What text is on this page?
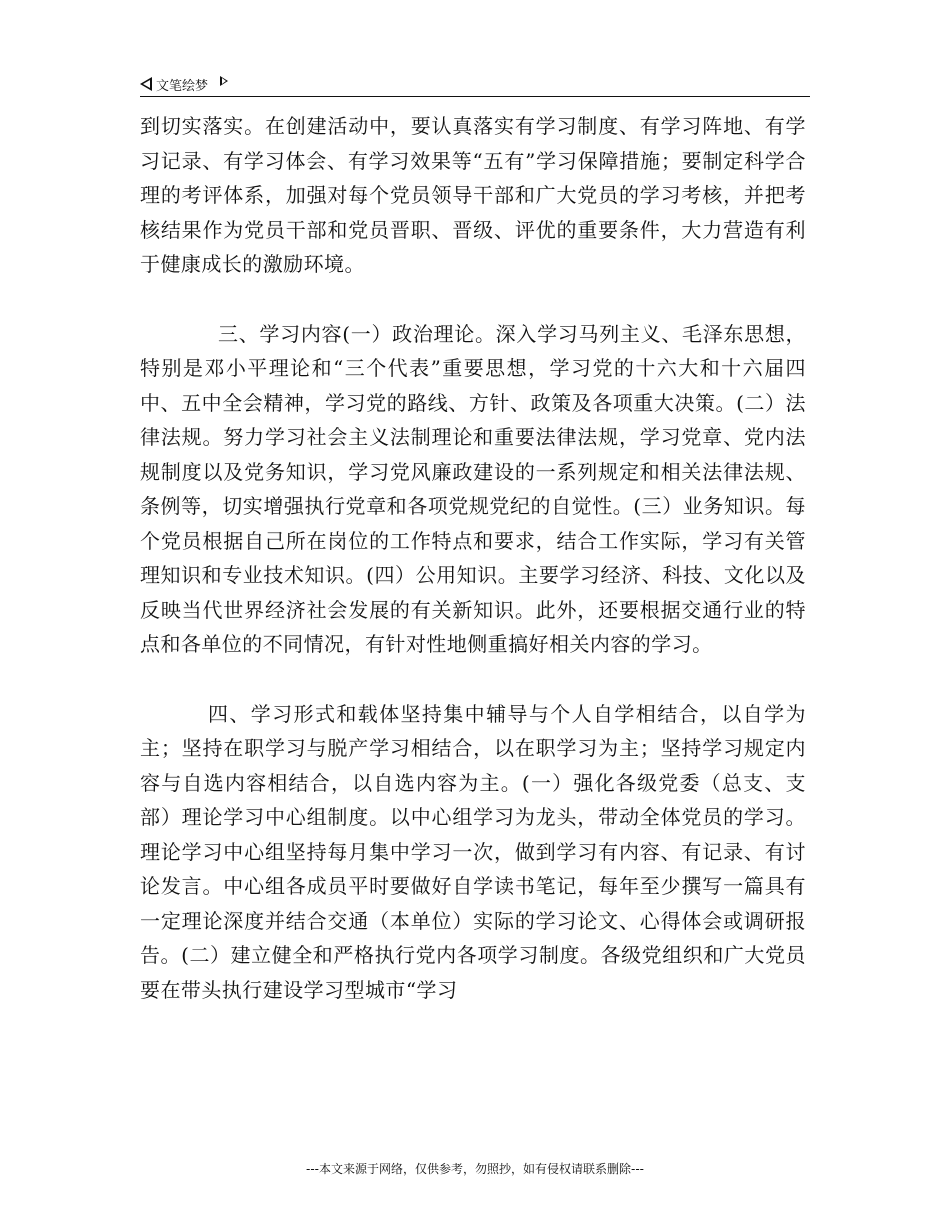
文笔绘梦

到切实落实。在创建活动中，要认真落实有学习制度、有学习阵地、有学习记录、有学习体会、有学习效果等“五有”学习保障措施；要制定科学合理的考评体系，加强对每个党员领导干部和广大党员的学习考核，并把考核结果作为党员干部和党员晋职、晋级、评优的重要条件，大力营造有利于健康成长的激励环境。

三、学习内容(一）政治理论。深入学习马列主义、毛泽东思想，特别是邓小平理论和“三个代表”重要思想，学习党的十六大和十六届四中、五中全会精神，学习党的路线、方针、政策及各项重大决策。(二）法律法规。努力学习社会主义法制理论和重要法律法规，学习党章、党内法规制度以及党务知识，学习党风廉政建设的一系列规定和相关法律法规、条例等，切实增强执行党章和各项党规党纪的自觉性。(三）业务知识。每个党员根据自己所在岗位的工作特点和要求，结合工作实际，学习有关管理知识和专业技术知识。(四）公用知识。主要学习经济、科技、文化以及反映当代世界经济社会发展的有关新知识。此外，还要根据交通行业的特点和各单位的不同情况，有针对性地侧重搞好相关内容的学习。

四、学习形式和载体坚持集中辅导与个人自学相结合，以自学为主；坚持在职学习与脱产学习相结合，以在职学习为主；坚持学习规定内容与自选内容相结合，以自选内容为主。(一）强化各级党委（总支、支部）理论学习中心组制度。以中心组学习为龙头，带动全体党员的学习。理论学习中心组坚持每月集中学习一次，做到学习有内容、有记录、有讨论发言。中心组各成员平时要做好自学读书笔记，每年至少撰写一篇具有一定理论深度并结合交通（本单位）实际的学习论文、心得体会或调研报告。(二）建立健全和严格执行党内各项学习制度。各级党组织和广大党员要在带头执行建设学习型城市“学习

---本文来源于网络，仅供参考，勿照抄，如有侵权请联系删除---
